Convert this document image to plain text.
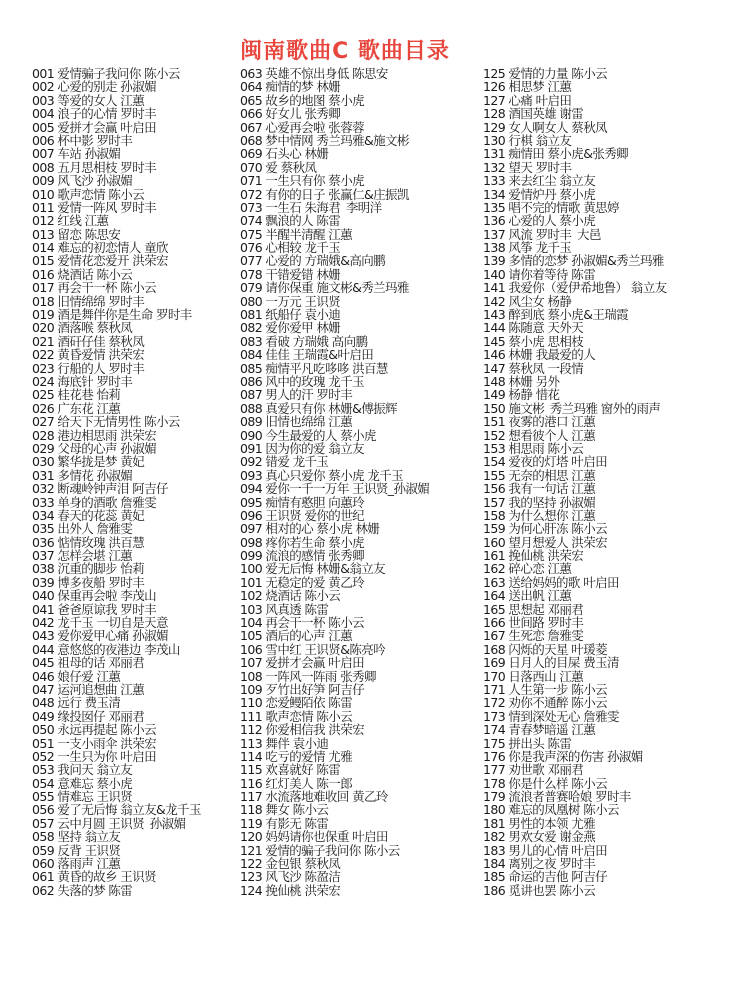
闽南歌曲C 歌曲目录
001 爱情骗子我问你 陈小云
002 心爱的别走 孙淑媚
003 等爱的女人 江蕙
004 浪子的心情 罗时丰
005 爱拼才会赢 叶启田
006 杯中影 罗时丰
007 车站 孙淑媚
008 五月思相枝 罗时丰
009 风飞沙 孙淑媚
010 歌声恋情 陈小云
011 爱情一阵风 罗时丰
012 红线 江蕙
013 留恋 陈思安
014 难忘的初恋情人 童欣
015 爱情花恋爱开 洪荣宏
016 烧酒话 陈小云
017 再会干一杯 陈小云
018 旧情绵绵 罗时丰
019 酒是舞伴你是生命 罗时丰
020 酒落喉 蔡秋凤
021 酒矸仔佳 蔡秋凤
022 黄昏爱情 洪荣宏
023 行船的人 罗时丰
024 海底针 罗时丰
025 桂花巷 怡莉
026 广东花 江蕙
027 给天下无情男性 陈小云
028 港边相思雨 洪荣宏
029 父母的心声 孙淑媚
030 繁华拢是梦 黄妃
031 多情花 孙淑媚
032 断魂岭钟声泪 阿吉仔
033 单身的酒歌 詹雅雯
034 春天的花蕊 黄妃
035 出外人 詹雅雯
036 惦情玫瑰 洪百慧
037 怎样会堪 江蕙
038 沉重的脚步 怡莉
039 博多夜船 罗时丰
040 保重再会啦 李茂山
041 爸爸原谅我 罗时丰
042 龙千玉 一切自是天意
043 爱你爱甲心痛 孙淑媚
044 意悠悠的夜港边 李茂山
045 祖母的话 邓丽君
046 娘仔爱 江蕙
047 运河追想曲 江蕙
048 远行 费玉清
049 缘投囡仔 邓丽君
050 永远再提起 陈小云
051 一支小雨伞 洪荣宏
052 一生只为你 叶启田
053 我问天 翁立友
054 意难忘 蔡小虎
055 情难忘 王识贤
056 爱了无后悔 翁立友&龙千玉
057 云中月圆 王识贤_孙淑媚
058 坚持 翁立友
059 反背 王识贤
060 落雨声 江蕙
061 黄昏的故乡 王识贤
062 失落的梦 陈雷
063 英雄不惊出身低 陈思安
064 痴情的梦 林姗
065 故乡的地图 蔡小虎
066 好女儿 张秀卿
067 心爱再会啦 张蓉蓉
068 梦中情网 秀兰玛雅&施文彬
069 石头心 林姗
070 爱 蔡秋凤
071 一生只有你 蔡小虎
072 有你的日子 张赢仁&庄振凯
073 一生石 朱海君_李明洋
074 飘浪的人 陈雷
075 半醒半清醒 江蕙
076 心相较 龙千玉
077 心爱的 方瑞娥&高向鹏
078 干错爱错 林姗
079 请你保重 施文彬&秀兰玛雅
080 一万元 王识贤
081 纸船仔 袁小迪
082 爱你爱甲 林姗
083 看破 方瑞娥 高向鹏
084 佳佳 王瑞霞&叶启田
085 痴情平凡吃哆哆 洪百慧
086 风中的玫瑰 龙千玉
087 男人的汗 罗时丰
088 真爱只有你 林姗&傅振辉
089 旧情也绵绵 江蕙
090 今生最爱的人 蔡小虎
091 因为你的爱 翁立友
092 错爱 龙千玉
093 真心只爱你 蔡小虎 龙千玉
094 爱你一千一万年 王识贤_孙淑媚
095 痴情有憨胆 向蕙玲
096 王识贤 爱你的世纪
097 相对的心 蔡小虎 林姗
098 疼你若生命 蔡小虎
099 流浪的感情 张秀卿
100 爱无后悔 林姗&翁立友
101 无稳定的爱 黄乙玲
102 烧酒话 陈小云
103 风真透 陈雷
104 再会干一杯 陈小云
105 酒后的心声 江蕙
106 雪中红 王识贤&陈亮吟
107 爱拼才会赢 叶启田
108 一阵风一阵雨 张秀卿
109 歹竹出好笋 阿吉仔
110 恋爱鳗陌依 陈雷
111 歌声恋情 陈小云
112 你爱相信我 洪荣宏
113 舞伴 袁小迪
114 吃亏的爱情 尤雅
115 欢喜就好 陈雷
116 红灯美人 陈一郎
117 水流落地难收回 黄乙玲
118 舞女 陈小云
119 有影无 陈雷
120 妈妈请你也保重 叶启田
121 爱情的骗子我问你 陈小云
122 金包银 蔡秋凤
123 风飞沙 陈盈洁
124 挽仙桃 洪荣宏
125 爱情的力量 陈小云
126 相思梦 江蕙
127 心痛 叶启田
128 酒国英雄 谢雷
129 女人啊女人 蔡秋凤
130 行棋 翁立友
131 痴情田 蔡小虎&张秀卿
132 望天 罗时丰
133 来去红尘 翁立友
134 爱情炉丹 蔡小虎
135 唱不完的情歌 黄思婷
136 心爱的人 蔡小虎
137 风流 罗时丰_大邑
138 风筝 龙千玉
139 多情的恋梦 孙淑媚&秀兰玛雅
140 请你着等待 陈雷
141 我爱你（爱伊希地鲁） 翁立友
142 风尘女 杨静
143 醉到底 蔡小虎&王瑞霞
144 陈随意 天外天
145 蔡小虎 思相枝
146 林姗 我最爱的人
147 蔡秋凤 一段情
148 林姗 另外
149 杨静 惜花
150 施文彬_秀兰玛雅 窗外的雨声
151 夜雾的港口 江蕙
152 想看彼个人 江蕙
153 相思雨 陈小云
154 爱夜的灯塔 叶启田
155 无奈的相思 江蕙
156 我有一句话 江蕙
157 我的坚持 孙淑媚
158 为什么想你 江蕙
159 为何心肝冻 陈小云
160 望月想爱人 洪荣宏
161 挽仙桃 洪荣宏
162 碎心恋 江蕙
163 送给妈妈的歌 叶启田
164 送出帆 江蕙
165 思想起 邓丽君
166 世间路 罗时丰
167 生死恋 詹雅雯
168 闪烁的天星 叶瑗菱
169 日月人的目屎 费玉清
170 日落西山 江蕙
171 人生第一步 陈小云
172 劝你不通醉 陈小云
173 情到深处无心 詹雅雯
174 青春梦暗遥 江蕙
175 拼出头 陈雷
176 你是我声深的伤害 孙淑媚
177 劝世歌 邓丽君
178 你是什么样 陈小云
179 流浪者普赛哈娘 罗时丰
180 难忘的凤凰树 陈小云
181 男性的本领 尤雅
182 男欢女爱 谢金燕
183 男儿的心情 叶启田
184 离别之夜 罗时丰
185 命运的吉他 阿吉仔
186 觅讲也罢 陈小云
